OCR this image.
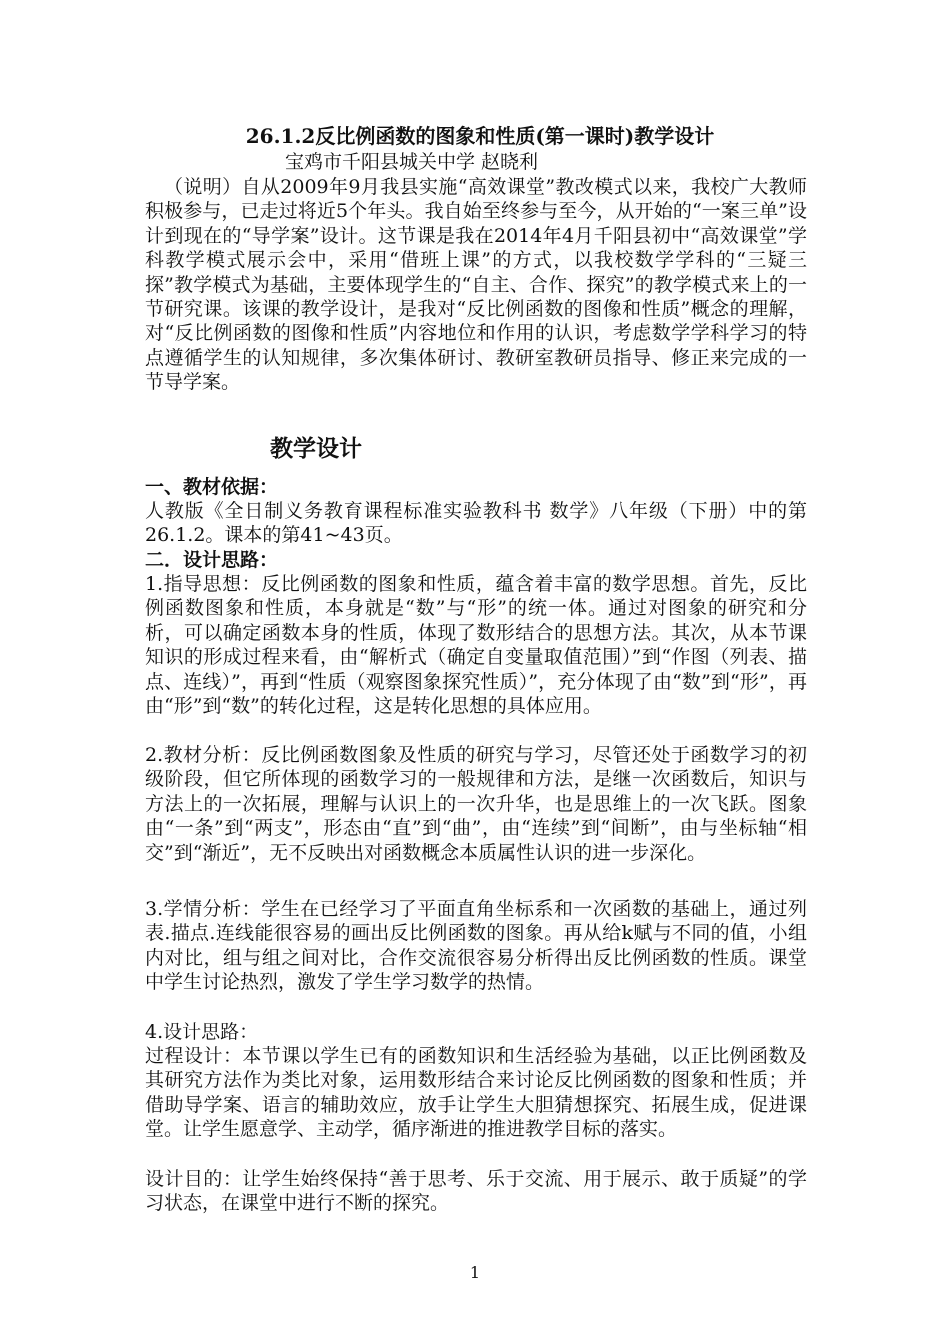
26.1.2反比例函数的图象和性质(第一课时)教学设计
宝鸡市千阳县城关中学 赵晓利

（说明）自从2009年9月我县实施“高效课堂”教改模式以来，我校广大教师积极参与，已走过将近5个年头。我自始至终参与至今，从开始的“一案三单”设计到现在的“导学案”设计。这节课是我在2014年4月千阳县初中“高效课堂”学科教学模式展示会中，采用“借班上课”的方式，以我校数学学科的“三疑三探”教学模式为基础，主要体现学生的“自主、合作、探究”的教学模式来上的一节研究课。该课的教学设计，是我对“反比例函数的图像和性质”概念的理解，对“反比例函数的图像和性质”内容地位和作用的认识，考虑数学学科学习的特点遵循学生的认知规律，多次集体研讨、教研室教研员指导、修正来完成的一节导学案。

教学设计
一、教材依据：

人教版《全日制义务教育课程标准实验教科书 数学》八年级（下册）中的第26.1.2。课本的第41~43页。

二．设计思路：

1.指导思想：反比例函数的图象和性质，蕴含着丰富的数学思想。首先，反比例函数图象和性质，本身就是“数”与“形”的统一体。通过对图象的研究和分析，可以确定函数本身的性质，体现了数形结合的思想方法。其次，从本节课知识的形成过程来看，由“解析式（确定自变量取值范围）”到“作图（列表、描点、连线）”，再到“性质（观察图象探究性质）”，充分体现了由“数”到“形”，再由“形”到“数”的转化过程，这是转化思想的具体应用。

2.教材分析：反比例函数图象及性质的研究与学习，尽管还处于函数学习的初级阶段，但它所体现的函数学习的一般规律和方法，是继一次函数后，知识与方法上的一次拓展，理解与认识上的一次升华，也是思维上的一次飞跃。图象由“一条”到“两支”，形态由“直”到“曲”，由“连续”到“间断”，由与坐标轴“相交”到“渐近”，无不反映出对函数概念本质属性认识的进一步深化。

3.学情分析：学生在已经学习了平面直角坐标系和一次函数的基础上，通过列表.描点.连线能很容易的画出反比例函数的图象。再从给k赋与不同的值，小组内对比，组与组之间对比，合作交流很容易分析得出反比例函数的性质。课堂中学生讨论热烈，激发了学生学习数学的热情。

4.设计思路：

过程设计：本节课以学生已有的函数知识和生活经验为基础，以正比例函数及其研究方法作为类比对象，运用数形结合来讨论反比例函数的图象和性质；并借助导学案、语言的辅助效应，放手让学生大胆猜想探究、拓展生成，促进课堂。让学生愿意学、主动学，循序渐进的推进教学目标的落实。

设计目的：让学生始终保持“善于思考、乐于交流、用于展示、敢于质疑”的学习状态，在课堂中进行不断的探究。

1
